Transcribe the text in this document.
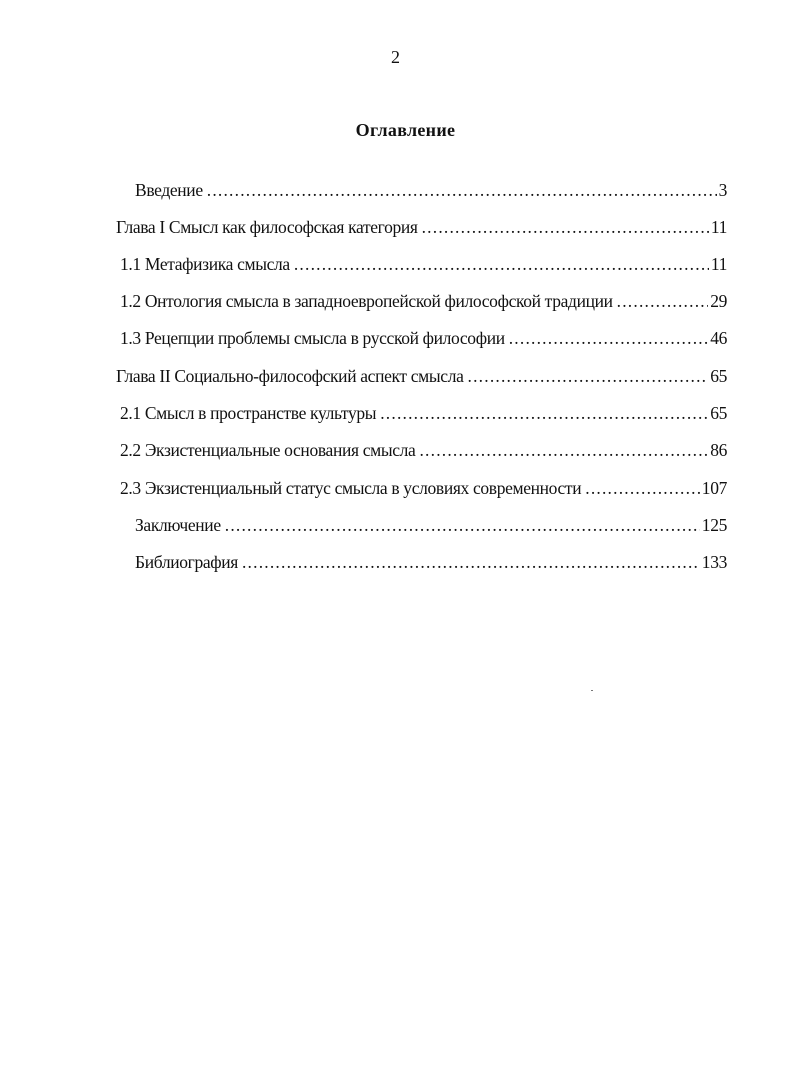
2
Оглавление
Введение .....	3
Глава I Смысл как философская категория .....	11
1.1 Метафизика смысла .....	11
1.2 Онтология смысла в западноевропейской философской традиции .....	29
1.3 Рецепции проблемы смысла в русской философии .....	46
Глава II Социально-философский аспект смысла .....	65
2.1 Смысл в пространстве культуры .....	65
2.2 Экзистенциальные основания смысла .....	86
2.3 Экзистенциальный статус смысла в условиях современности .....	107
Заключение .....	125
Библиография .....	133
